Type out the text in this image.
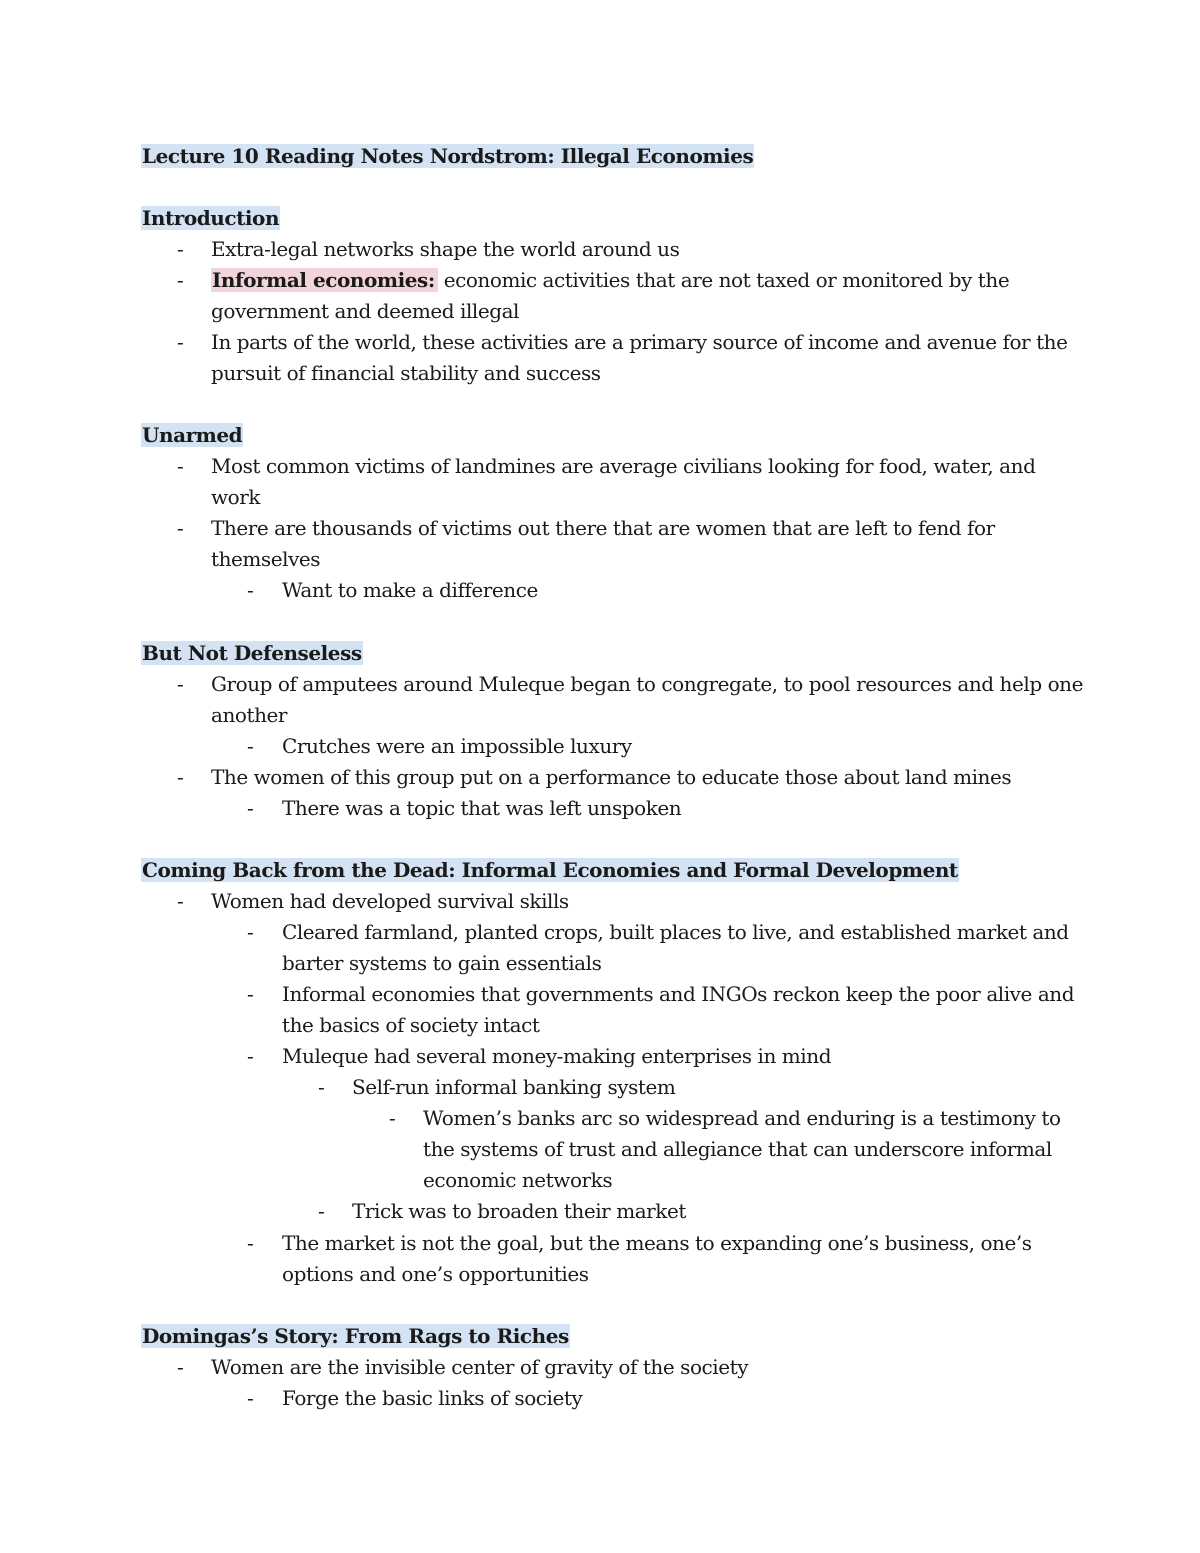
Lecture 10 Reading Notes Nordstrom: Illegal Economies
Introduction
- Extra-legal networks shape the world around us
- Informal economies: economic activities that are not taxed or monitored by the
government and deemed illegal
- In parts of the world, these activities are a primary source of income and avenue for the
pursuit of financial stability and success
Unarmed
- Most common victims of landmines are average civilians looking for food, water, and
work
- There are thousands of victims out there that are women that are left to fend for
themselves
- Want to make a difference
But Not Defenseless
- Group of amputees around Muleque began to congregate, to pool resources and help one
another
- Crutches were an impossible luxury
- The women of this group put on a performance to educate those about land mines
- There was a topic that was left unspoken
Coming Back from the Dead: Informal Economies and Formal Development
- Women had developed survival skills
- Cleared farmland, planted crops, built places to live, and established market and
barter systems to gain essentials
- Informal economies that governments and INGOs reckon keep the poor alive and
the basics of society intact
- Muleque had several money-making enterprises in mind
- Self-run informal banking system
- Women’s banks arc so widespread and enduring is a testimony to
the systems of trust and allegiance that can underscore informal
economic networks
- Trick was to broaden their market
- The market is not the goal, but the means to expanding one’s business, one’s
options and one’s opportunities
Domingas’s Story: From Rags to Riches
- Women are the invisible center of gravity of the society
- Forge the basic links of society
